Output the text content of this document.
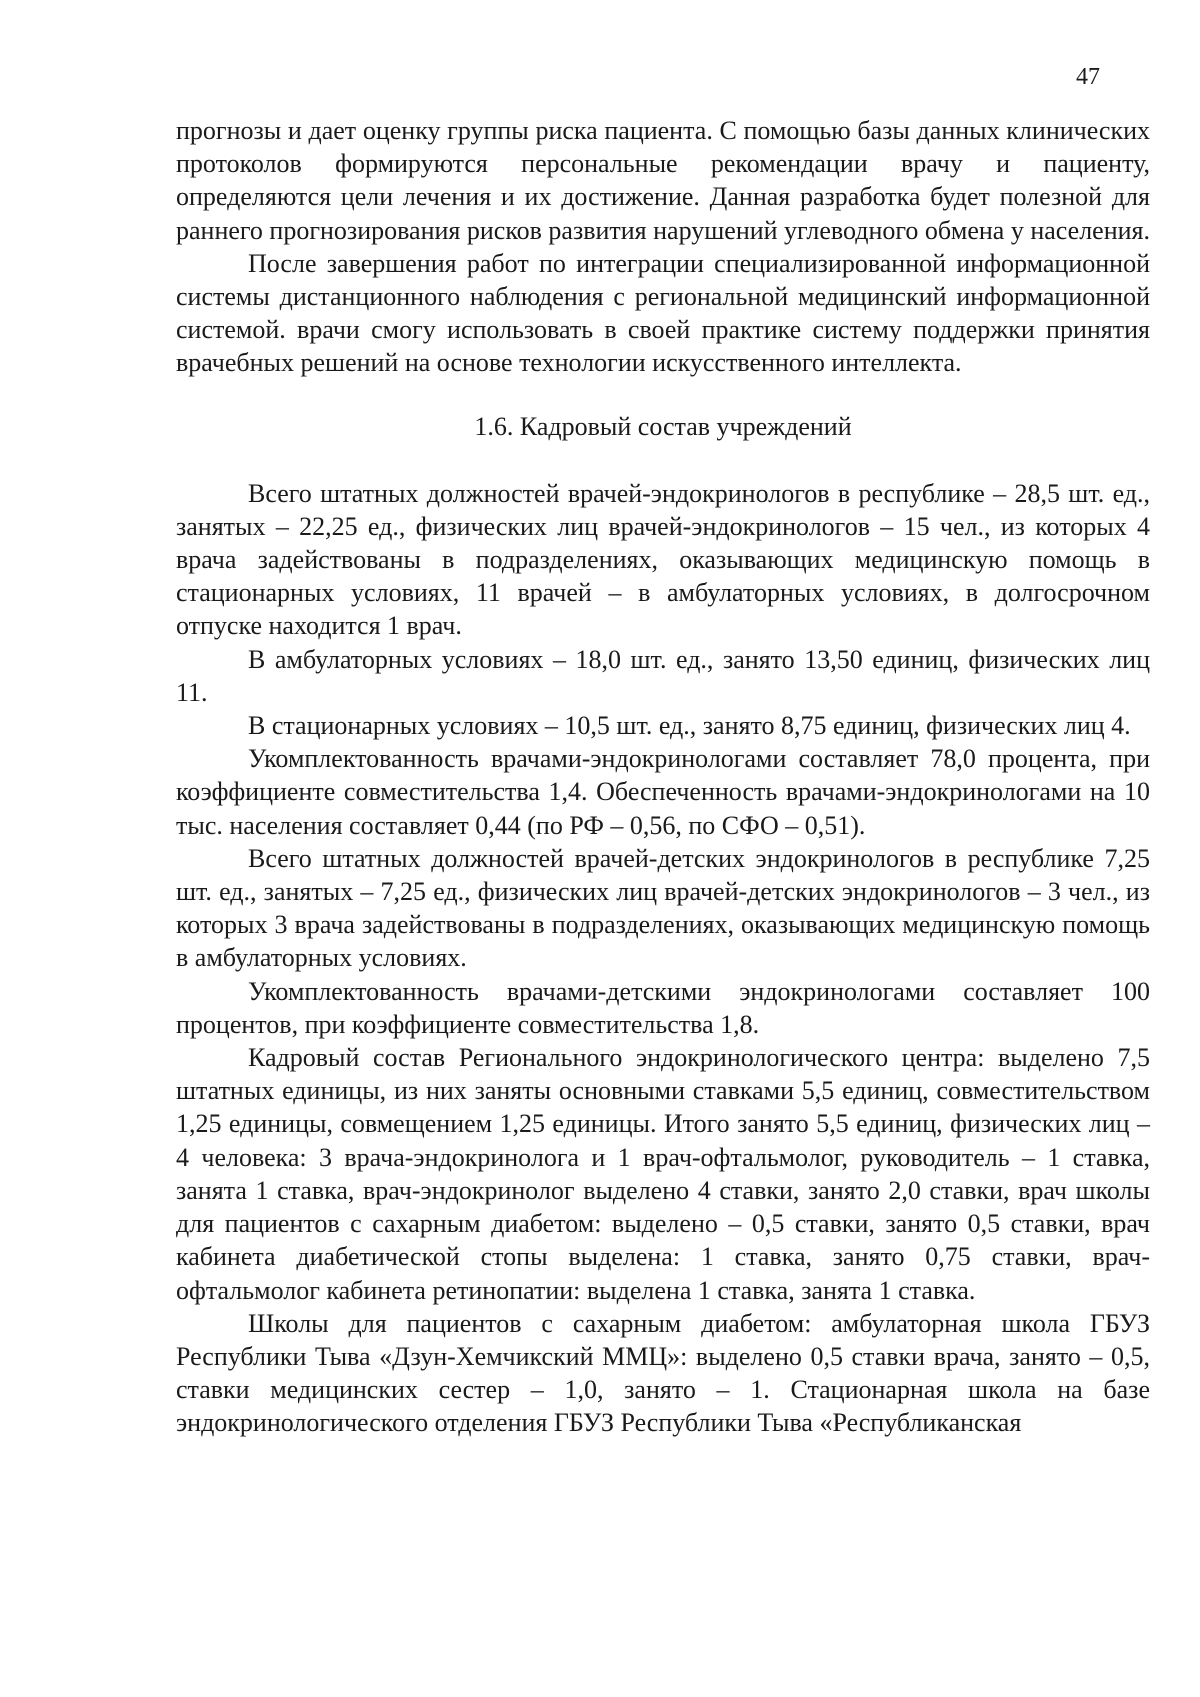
47

прогнозы и дает оценку группы риска пациента. С помощью базы данных клинических протоколов формируются персональные рекомендации врачу и пациенту, определяются цели лечения и их достижение. Данная разработка будет полезной для раннего прогнозирования рисков развития нарушений углеводного обмена у населения.

После завершения работ по интеграции специализированной информационной системы дистанционного наблюдения с региональной медицинский информационной системой. врачи смогу использовать в своей практике систему поддержки принятия врачебных решений на основе технологии искусственного интеллекта.

1.6. Кадровый состав учреждений

Всего штатных должностей врачей-эндокринологов в республике – 28,5 шт. ед., занятых – 22,25 ед., физических лиц врачей-эндокринологов – 15 чел., из которых 4 врача задействованы в подразделениях, оказывающих медицинскую помощь в стационарных условиях, 11 врачей – в амбулаторных условиях, в долгосрочном отпуске находится 1 врач.

В амбулаторных условиях – 18,0 шт. ед., занято 13,50 единиц, физических лиц 11.

В стационарных условиях – 10,5 шт. ед., занято 8,75 единиц, физических лиц 4.

Укомплектованность врачами-эндокринологами составляет 78,0 процента, при коэффициенте совместительства 1,4. Обеспеченность врачами-эндокринологами на 10 тыс. населения составляет 0,44 (по РФ – 0,56, по СФО – 0,51).

Всего штатных должностей врачей-детских эндокринологов в республике 7,25 шт. ед., занятых – 7,25 ед., физических лиц врачей-детских эндокринологов – 3 чел., из которых 3 врача задействованы в подразделениях, оказывающих медицинскую помощь в амбулаторных условиях.

Укомплектованность врачами-детскими эндокринологами составляет 100 процентов, при коэффициенте совместительства 1,8.

Кадровый состав Регионального эндокринологического центра: выделено 7,5 штатных единицы, из них заняты основными ставками 5,5 единиц, совместительством 1,25 единицы, совмещением 1,25 единицы. Итого занято 5,5 единиц, физических лиц – 4 человека: 3 врача-эндокринолога и 1 врач-офтальмолог, руководитель – 1 ставка, занята 1 ставка, врач-эндокринолог выделено 4 ставки, занято 2,0 ставки, врач школы для пациентов с сахарным диабетом: выделено – 0,5 ставки, занято 0,5 ставки, врач кабинета диабетической стопы выделена: 1 ставка, занято 0,75 ставки, врач-офтальмолог кабинета ретинопатии: выделена 1 ставка, занята 1 ставка.

Школы для пациентов с сахарным диабетом: амбулаторная школа ГБУЗ Республики Тыва «Дзун-Хемчикский ММЦ»: выделено 0,5 ставки врача, занято – 0,5, ставки медицинских сестер – 1,0, занято – 1. Стационарная школа на базе эндокринологического отделения ГБУЗ Республики Тыва «Республиканская
